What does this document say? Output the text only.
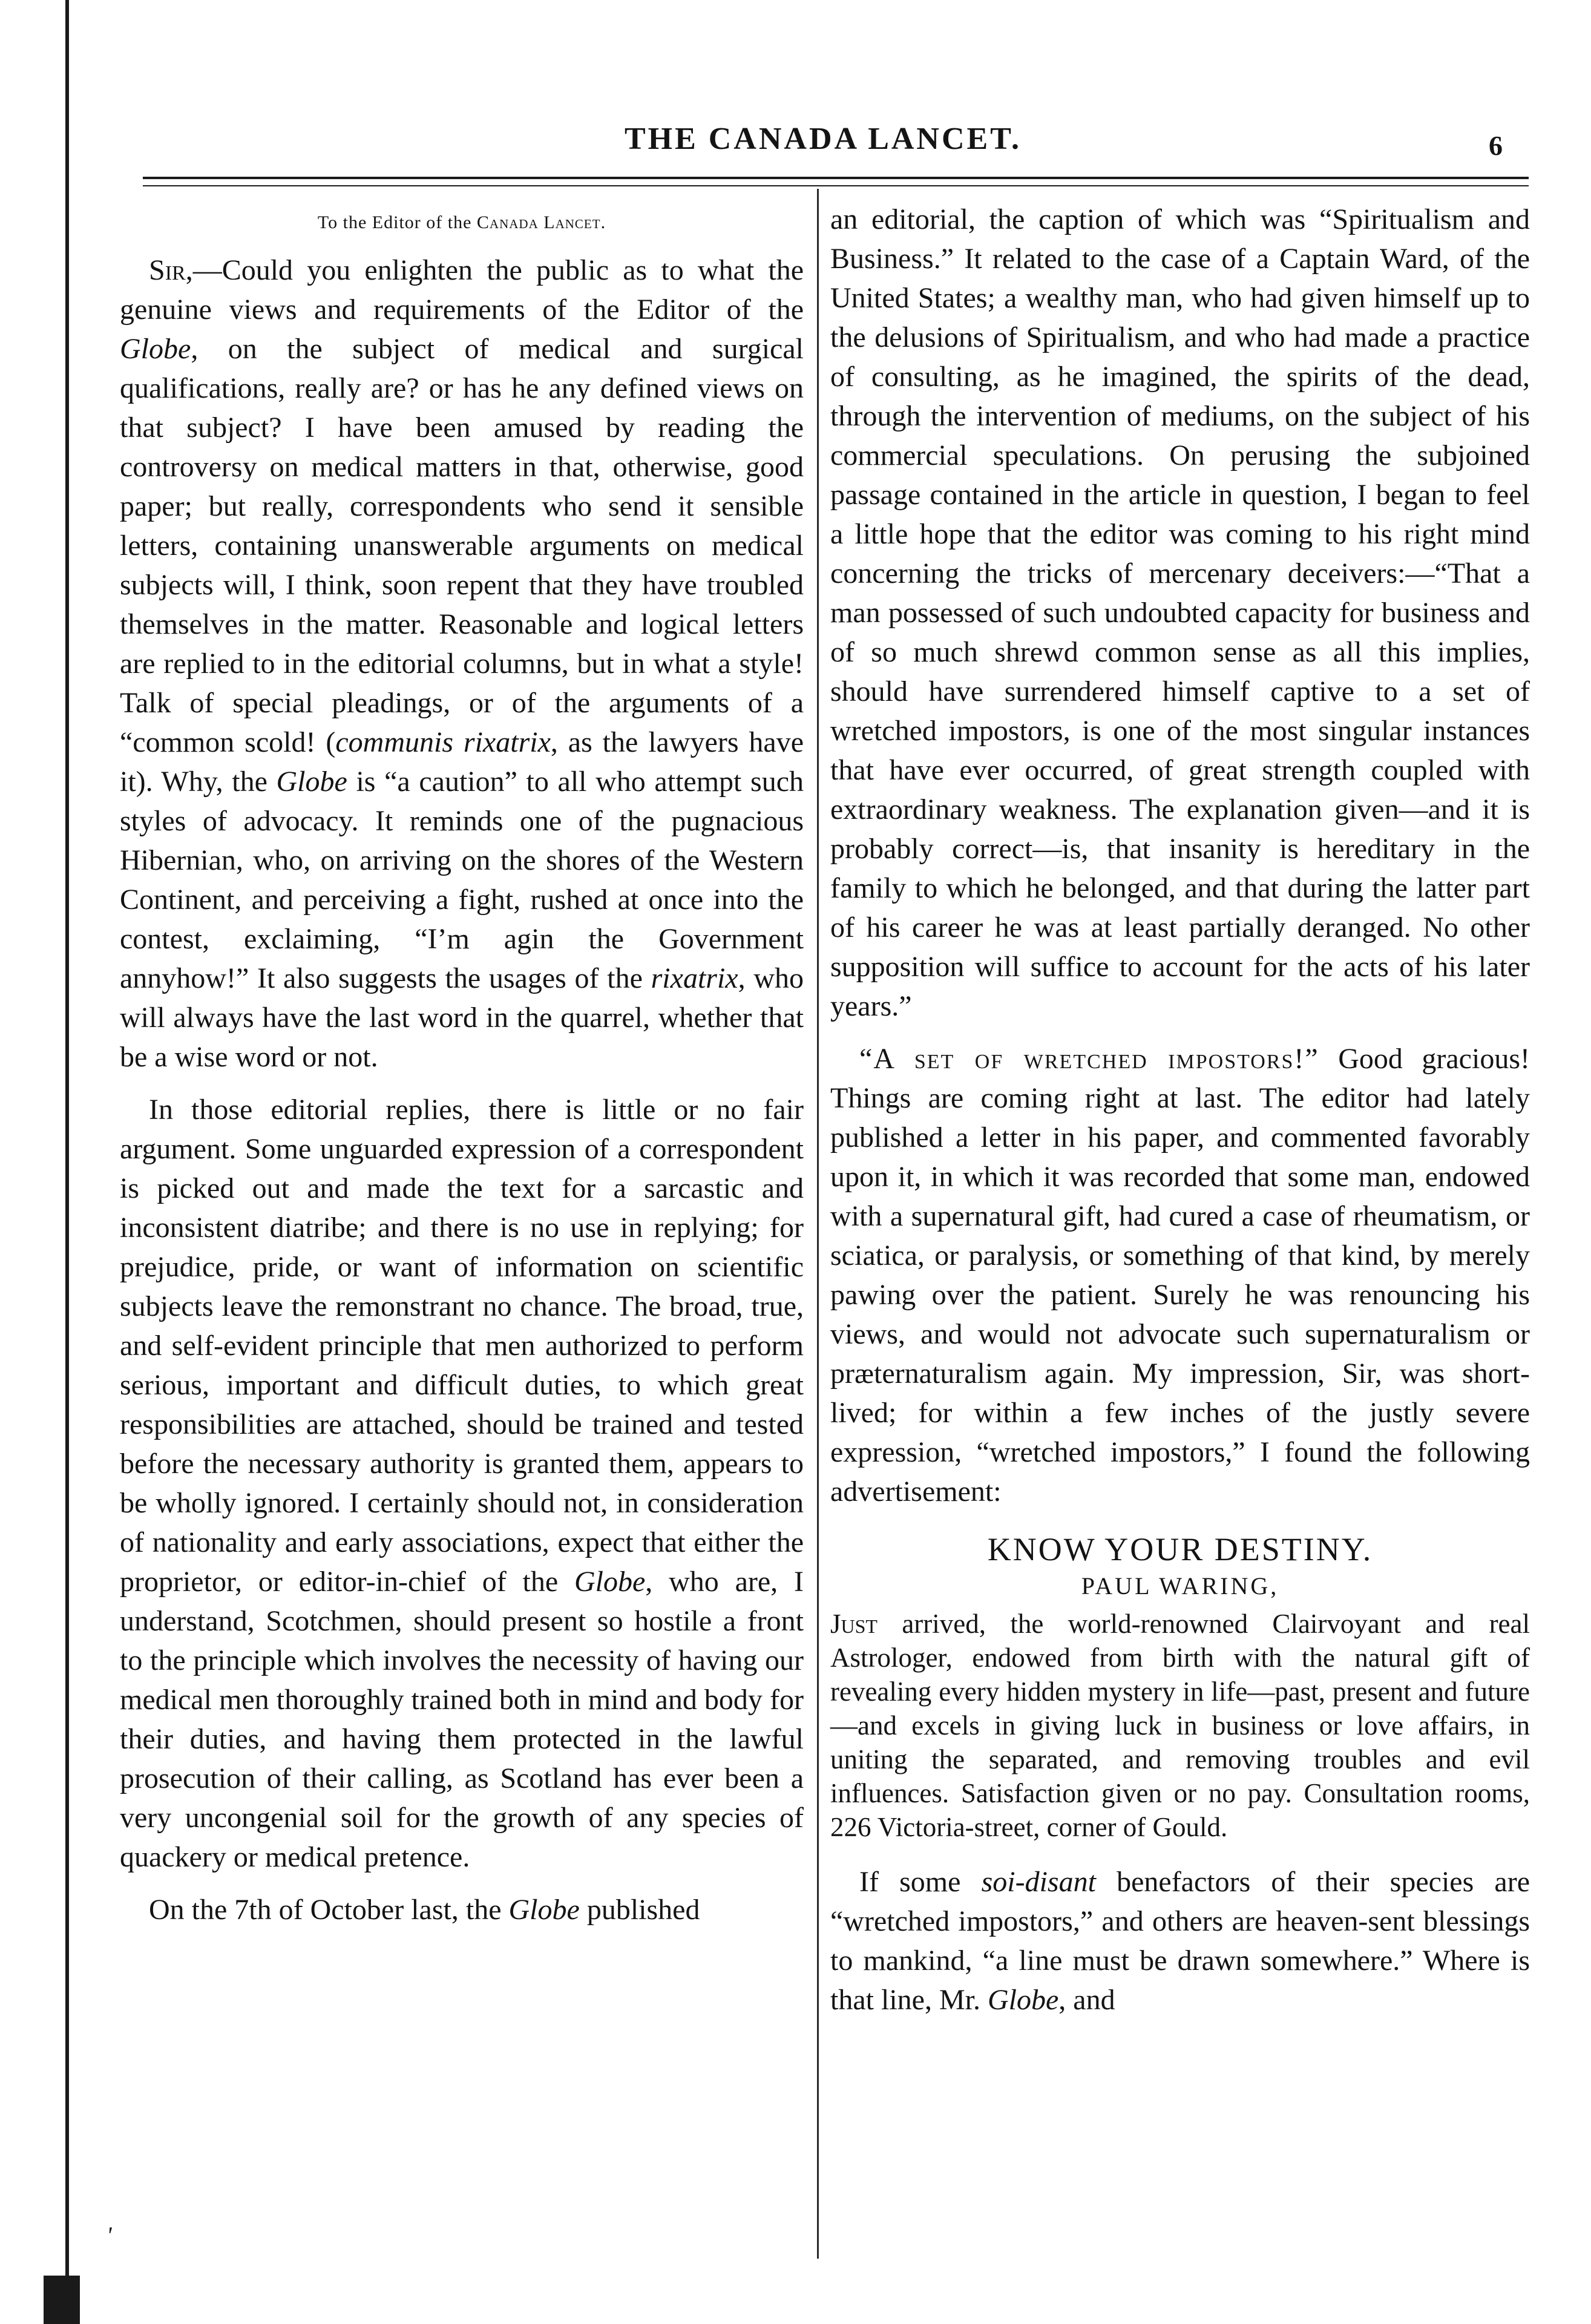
THE CANADA LANCET.	6
To the Editor of the Canada Lancet.

Sir,—Could you enlighten the public as to what the genuine views and requirements of the Editor of the Globe, on the subject of medical and surgical qualifications, really are? or has he any defined views on that subject? I have been amused by reading the controversy on medical matters in that, otherwise, good paper; but really, correspondents who send it sensible letters, containing unanswerable arguments on medical subjects will, I think, soon repent that they have troubled themselves in the matter. Reasonable and logical letters are replied to in the editorial columns, but in what a style! Talk of special pleadings, or of the arguments of a “common scold! (communis rixatrix, as the lawyers have it). Why, the Globe is “a caution” to all who attempt such styles of advocacy. It reminds one of the pugnacious Hibernian, who, on arriving on the shores of the Western Continent, and perceiving a fight, rushed at once into the contest, exclaiming, “I’m agin the Government annyhow!” It also suggests the usages of the rixatrix, who will always have the last word in the quarrel, whether that be a wise word or not.

In those editorial replies, there is little or no fair argument. Some unguarded expression of a correspondent is picked out and made the text for a sarcastic and inconsistent diatribe; and there is no use in replying; for prejudice, pride, or want of information on scientific subjects leave the remonstrant no chance. The broad, true, and self-evident principle that men authorized to perform serious, important and difficult duties, to which great responsibilities are attached, should be trained and tested before the necessary authority is granted them, appears to be wholly ignored. I certainly should not, in consideration of nationality and early associations, expect that either the proprietor, or editor-in-chief of the Globe, who are, I understand, Scotchmen, should present so hostile a front to the principle which involves the necessity of having our medical men thoroughly trained both in mind and body for their duties, and having them protected in the lawful prosecution of their calling, as Scotland has ever been a very uncongenial soil for the growth of any species of quackery or medical pretence.

On the 7th of October last, the Globe published

an editorial, the caption of which was “Spiritualism and Business.” It related to the case of a Captain Ward, of the United States; a wealthy man, who had given himself up to the delusions of Spiritualism, and who had made a practice of consulting, as he imagined, the spirits of the dead, through the intervention of mediums, on the subject of his commercial speculations. On perusing the subjoined passage contained in the article in question, I began to feel a little hope that the editor was coming to his right mind concerning the tricks of mercenary deceivers:—“That a man possessed of such undoubted capacity for business and of so much shrewd common sense as all this implies, should have surrendered himself captive to a set of wretched impostors, is one of the most singular instances that have ever occurred, of great strength coupled with extraordinary weakness. The explanation given—and it is probably correct—is, that insanity is hereditary in the family to which he belonged, and that during the latter part of his career he was at least partially deranged. No other supposition will suffice to account for the acts of his later years.”

“A set of wretched impostors!” Good gracious! Things are coming right at last. The editor had lately published a letter in his paper, and commented favorably upon it, in which it was recorded that some man, endowed with a supernatural gift, had cured a case of rheumatism, or sciatica, or paralysis, or something of that kind, by merely pawing over the patient. Surely he was renouncing his views, and would not advocate such supernaturalism or præternaturalism again. My impression, Sir, was short-lived; for within a few inches of the justly severe expression, “wretched impostors,” I found the following advertisement:

KNOW YOUR DESTINY.
PAUL WARING,
Just arrived, the world-renowned Clairvoyant and real Astrologer, endowed from birth with the natural gift of revealing every hidden mystery in life—past, present and future—and excels in giving luck in business or love affairs, in uniting the separated, and removing troubles and evil influences. Satisfaction given or no pay. Consultation rooms, 226 Victoria-street, corner of Gould.

If some soi-disant benefactors of their species are “wretched impostors,” and others are heaven-sent blessings to mankind, “a line must be drawn somewhere.” Where is that line, Mr. Globe, and

'
